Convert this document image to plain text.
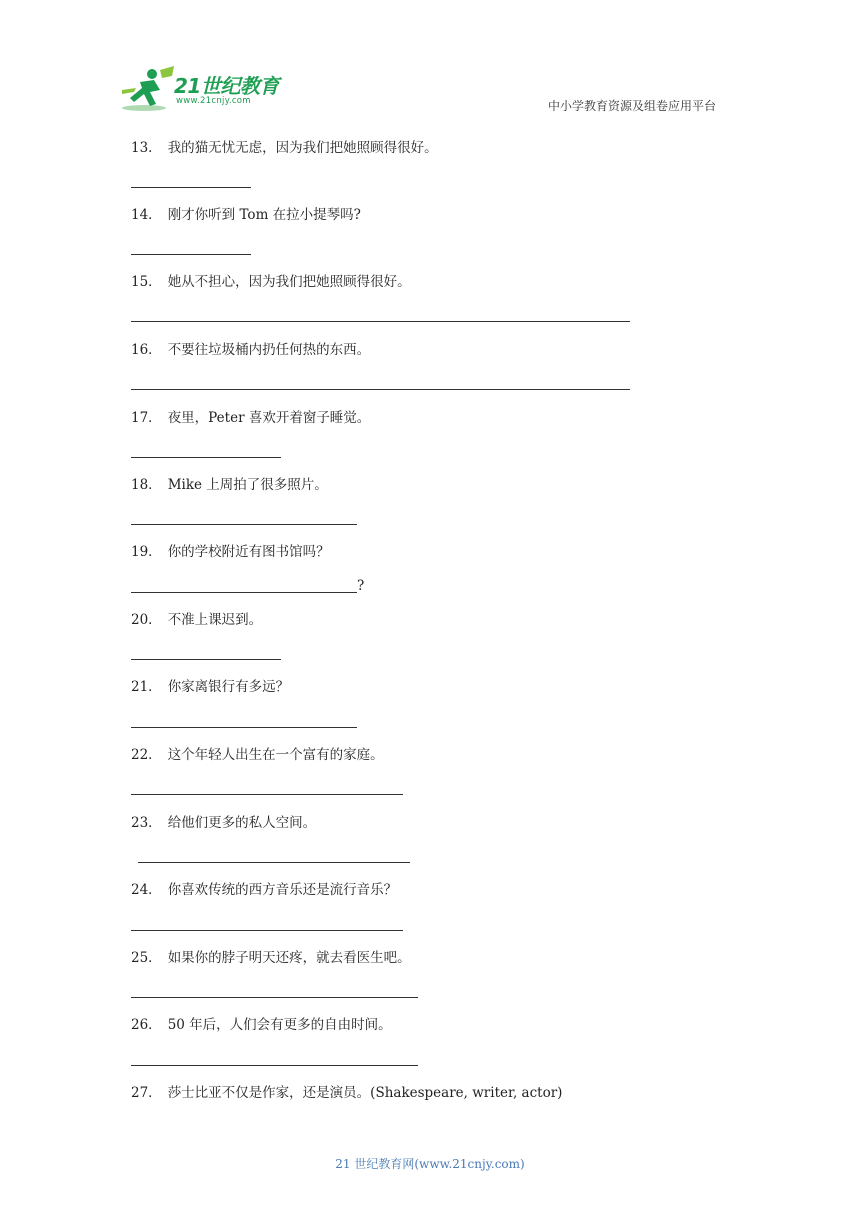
21世纪教育
www.21cnjy.com	中小学教育资源及组卷应用平台
13． 我的猫无忧无虑，因为我们把她照顾得很好。
14． 刚才你听到 Tom 在拉小提琴吗?
15． 她从不担心，因为我们把她照顾得很好。
16． 不要往垃圾桶内扔任何热的东西。
17． 夜里，Peter 喜欢开着窗子睡觉。
18． Mike 上周拍了很多照片。
19． 你的学校附近有图书馆吗？
?
20． 不准上课迟到。
21． 你家离银行有多远？
22． 这个年轻人出生在一个富有的家庭。
23． 给他们更多的私人空间。
24． 你喜欢传统的西方音乐还是流行音乐？
25． 如果你的脖子明天还疼，就去看医生吧。
26． 50 年后，人们会有更多的自由时间。
27． 莎士比亚不仅是作家，还是演员。(Shakespeare, writer, actor)
21 世纪教育网(www.21cnjy.com)
